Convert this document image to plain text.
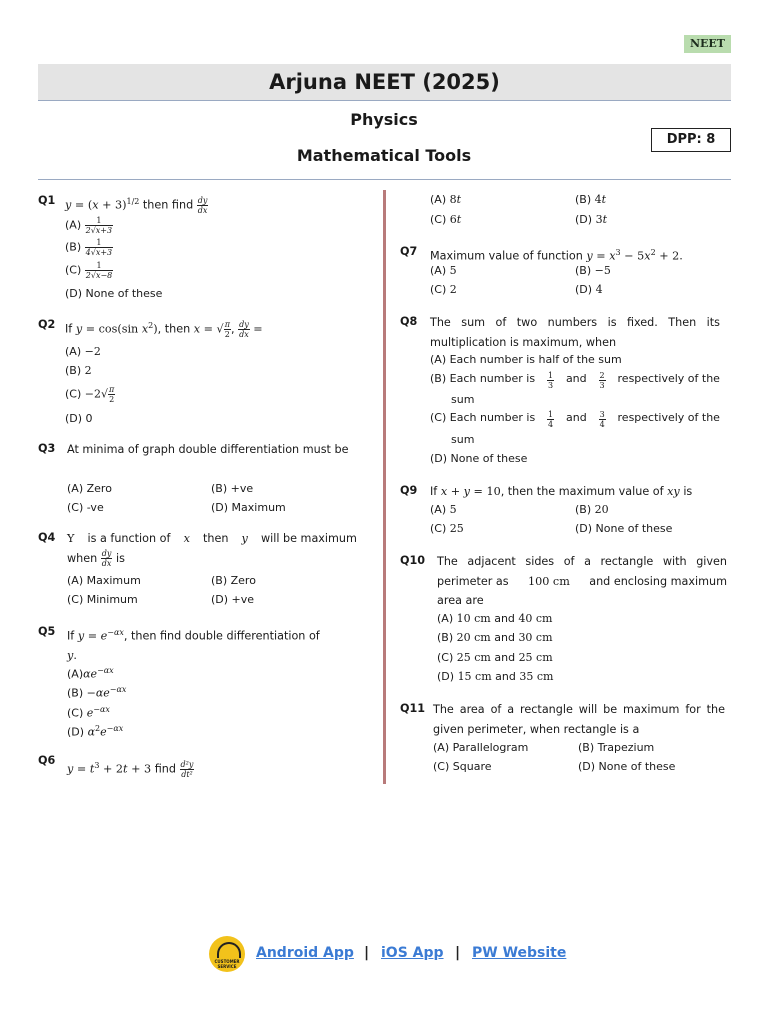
NEET
Arjuna NEET (2025)
Physics
Mathematical Tools
DPP: 8
Q1 $y = (x + 3)^{1/2}$ then find $\frac{dy}{dx}$
$(A) \frac{1}{2√x+3}$
$(B) \frac{1}{4√x+3}$
$(C) \frac{1}{2√x-8}$
(D) None of these
Q2 If y = cos(sin $x^2$), then x = √ $\frac{\pi}{2}$ , $\frac{dy}{dx}$ =
(A) −2
(B) 2
$(C) -2√ \frac{\pi}{2}$
(D) 0
Q3 At minima of graph double differentiation must be
(A) Zero	(B) +ve
(C) -ve	(D) Maximum
Q4 Y is a function of x then y will be maximum
when $\frac{dy}{dx}$ is
(A) Maximum	(B) Zero
(C) Minimum	(D) +ve
Q5 If $y = e^{-\alpha x}$, then find double differentiation of
y.
$(A)\alpha e^{-\alpha x}$
$(B) -\alpha e^{-\alpha x}$
(C) $e^{-\alpha x}$
(D) $\alpha^2e^{-\alpha x}$
Q6
$y = t^3 + 2t + 3$ find $\frac{\text{d²y}}{\text{dt²}}$
(A) 8t	(B) 4t
(C) 6t	(D) 3t
Q7 Maximum value of function $y = x^3 - 5x^2 + 2$.
(A) 5	(B) −5
(C) 2	(D) 4
Q8 The sum of two numbers is fixed. Then its
multiplication is maximum, when
(A) Each number is half of the sum
(B) Each number is $\frac{1}{3}$ and $\frac{2}{3}$ respectively of the
sum
(C) Each number is $\frac{1}{4}$ and $\frac{3}{4}$ respectively of the
sum
(D) None of these
Q9 If x + y = 10, then the maximum value of xy is
(A) 5	(B) 20
(C) 25	(D) None of these
Q10 The adjacent sides of a rectangle with given
perimeter as 100 cm and enclosing maximum
area are
(A) 10 cm and 40 cm
(B) 20 cm and 30 cm
(C) 25 cm and 25 cm
(D) 15 cm and 35 cm
Q11 The area of a rectangle will be maximum for the
given perimeter, when rectangle is a
(A) Parallelogram	(B) Trapezium
(C) Square	(D) None of these
CUSTOMER SERVICE
Android App | iOS App | PW Website
